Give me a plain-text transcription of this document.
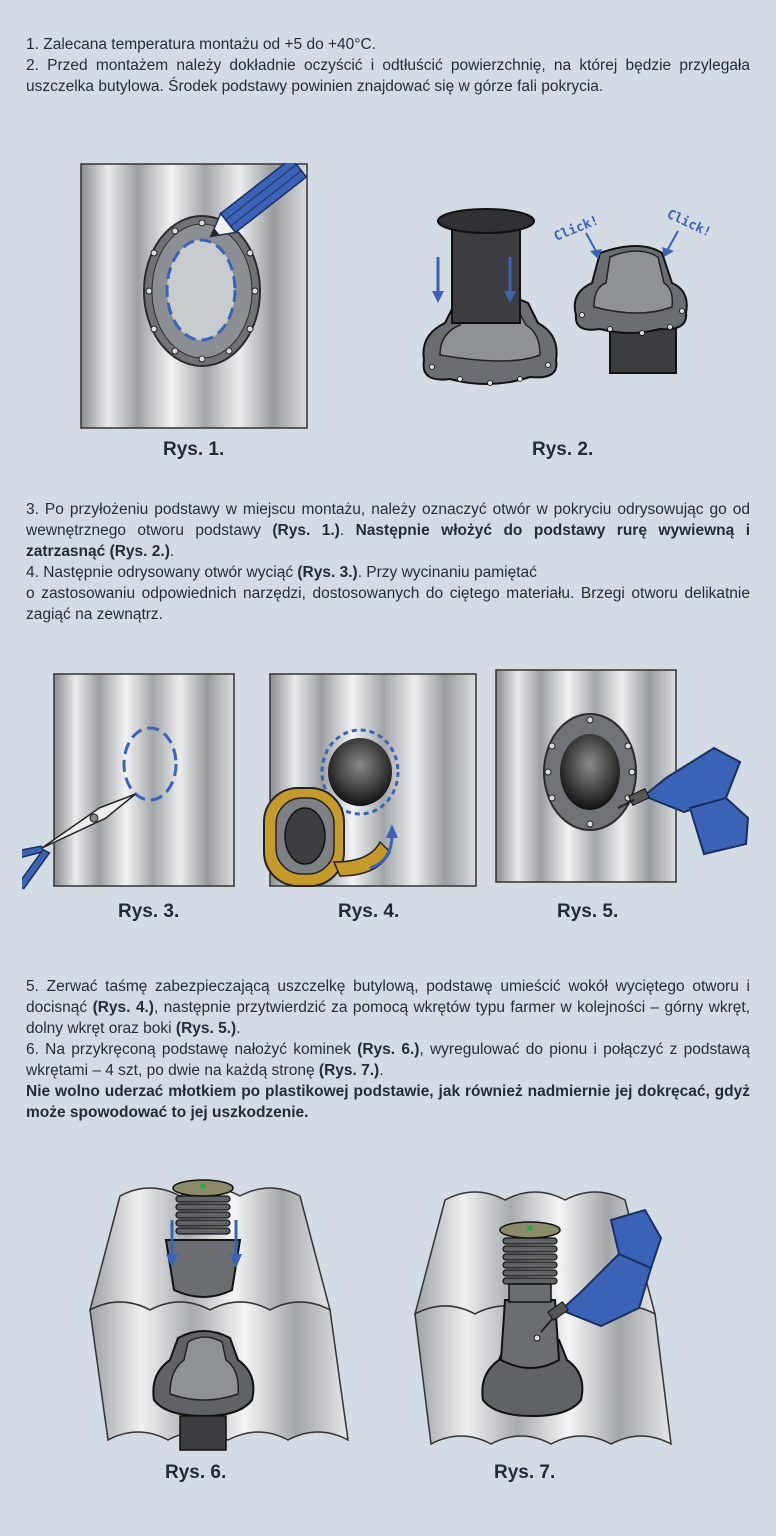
1. Zalecana temperatura montażu od +5 do +40°C.

2. Przed montażem należy dokładnie oczyścić i odtłuścić powierzchnię, na której będzie przylegała uszczelka butylowa. Środek podstawy powinien znajdować się w górze fali pokrycia.

Rys. 1.
Click!	Click!
Rys. 2.

3. Po przyłożeniu podstawy w miejscu montażu, należy oznaczyć otwór w pokryciu odrysowując go od wewnętrznego otworu podstawy (Rys. 1.). Następnie włożyć do podstawy rurę wywiewną i zatrzasnąć (Rys. 2.).

4. Następnie odrysowany otwór wyciąć (Rys. 3.). Przy wycinaniu pamiętać

o zastosowaniu odpowiednich narzędzi, dostosowanych do ciętego materiału. Brzegi otworu delikatnie zagiąć na zewnątrz.

Rys. 3.	Rys. 4.	Rys. 5.

5. Zerwać taśmę zabezpieczającą uszczelkę butylową, podstawę umieścić wokół wyciętego otworu i docisnąć (Rys. 4.), następnie przytwierdzić za pomocą wkrętów typu farmer w kolejności – górny wkręt, dolny wkręt oraz boki (Rys. 5.).

6. Na przykręconą podstawę nałożyć kominek (Rys. 6.), wyregulować do pionu i połączyć z podstawą wkrętami – 4 szt, po dwie na każdą stronę (Rys. 7.).

Nie wolno uderzać młotkiem po plastikowej podstawie, jak również nadmiernie jej dokręcać, gdyż może spowodować to jej uszkodzenie.

Rys. 6.	Rys. 7.
